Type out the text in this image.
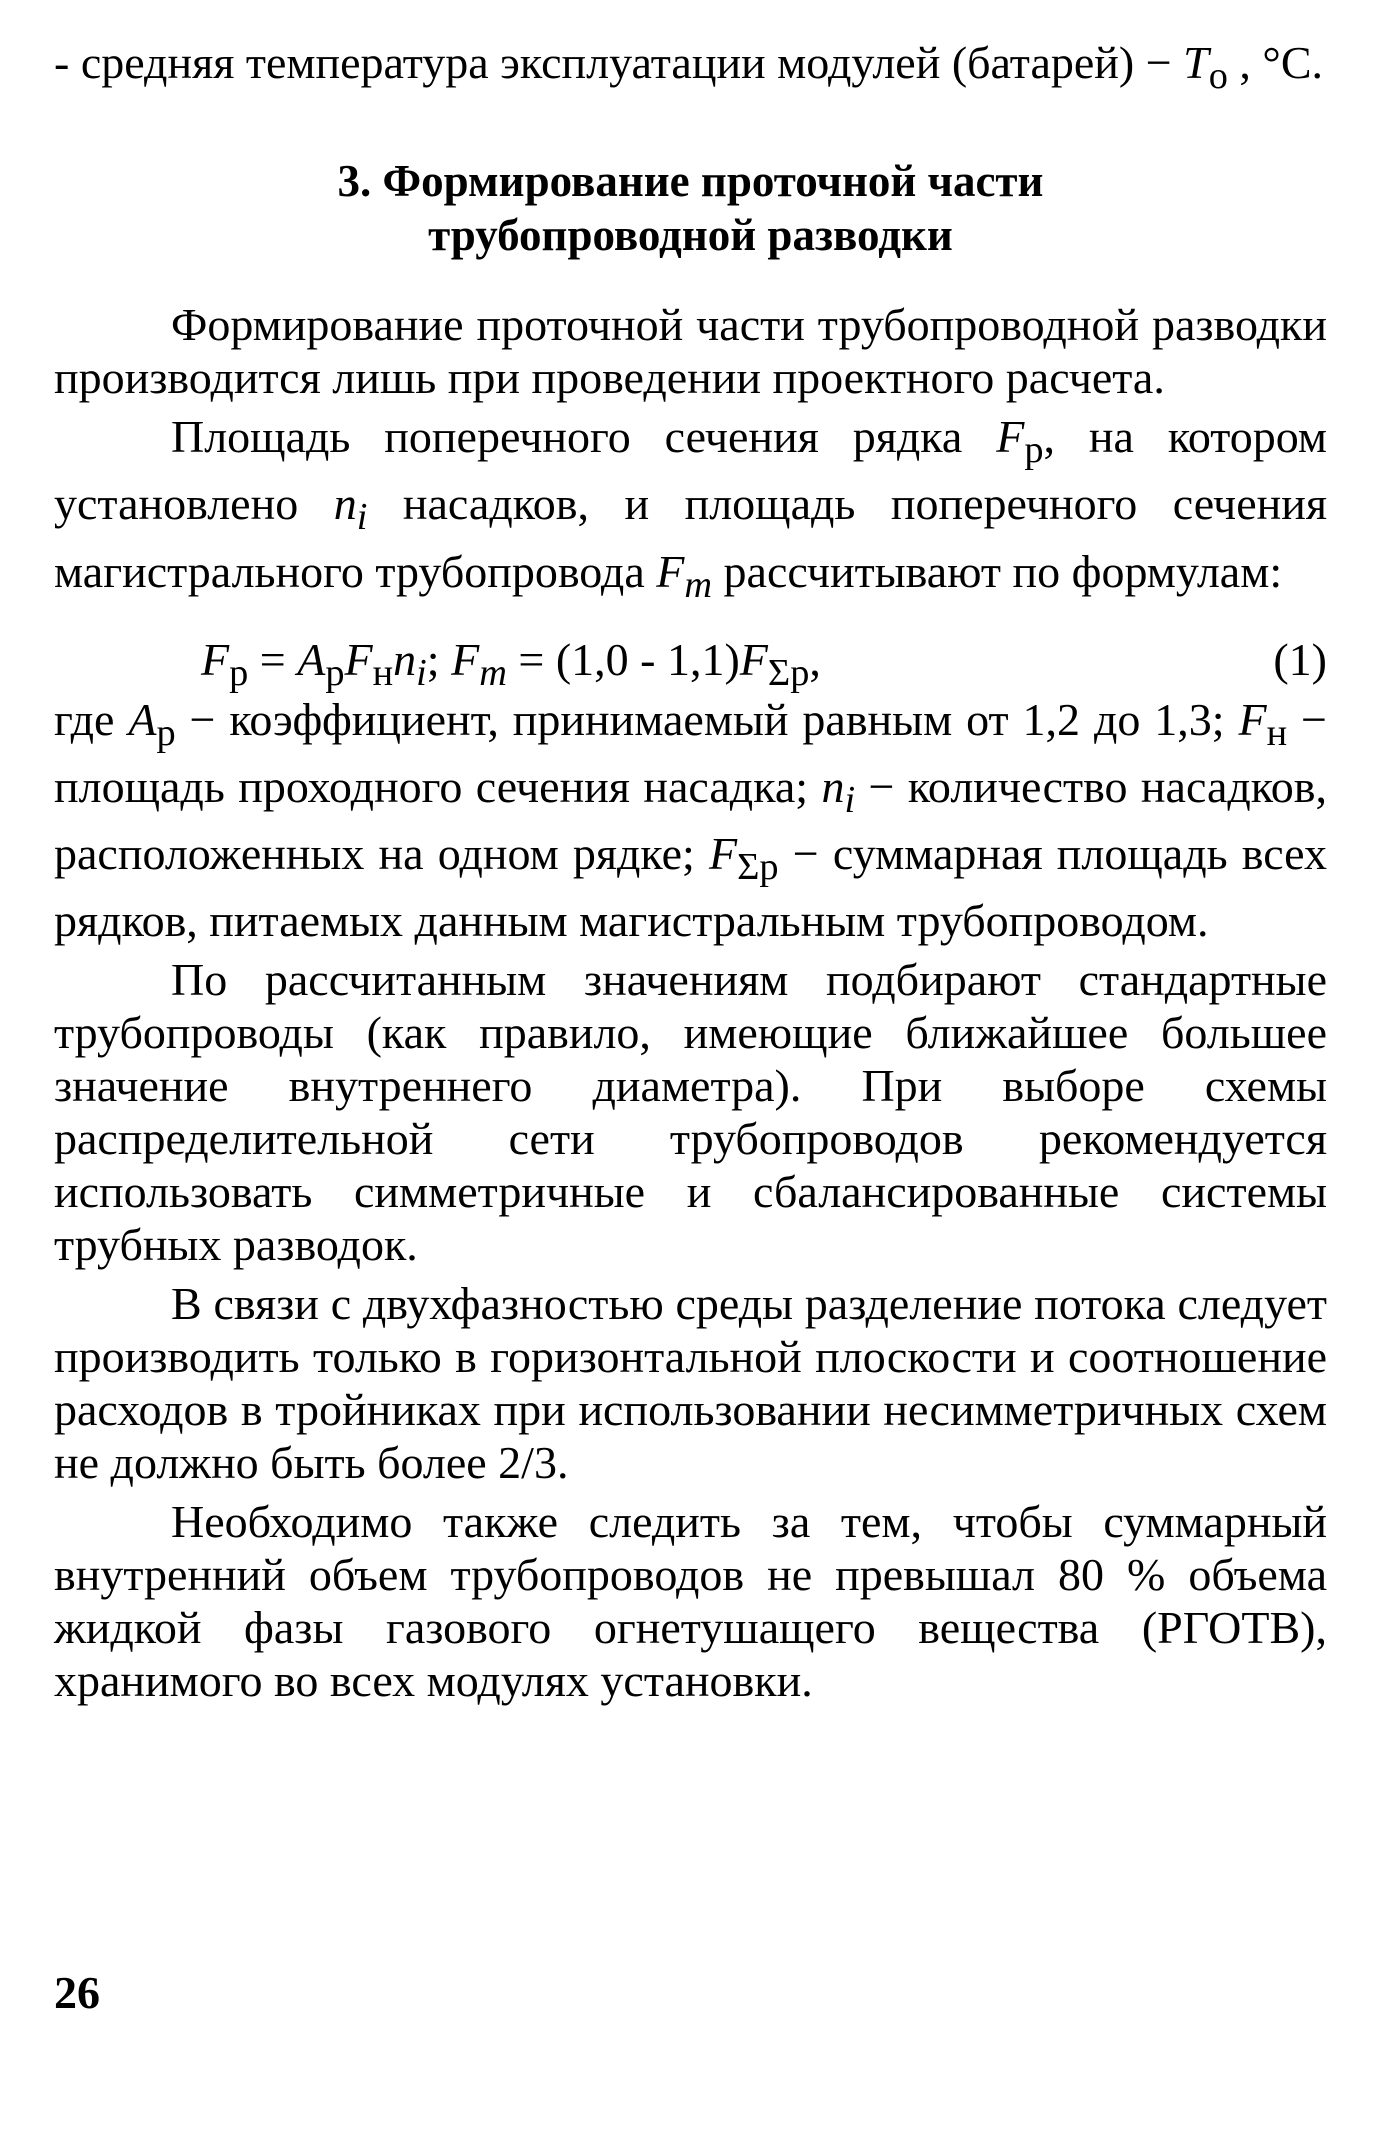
- средняя температура эксплуатации модулей (батарей) − $T_о$ , °С.

3. Формирование проточной части
трубопроводной разводки

Формирование проточной части трубопроводной разводки производится лишь при проведении проектного расчета.

Площадь поперечного сечения рядка $F_р$, на котором установлено $n_i$ насадков, и площадь поперечного сечения магистрального трубопровода $F_m$ рассчитывают по формулам:

$F_р = A_рF_нn_i$; $F_m = (1,0 - 1,1)F_{\Sigma р}$,	(1)

где $A_р$ − коэффициент, принимаемый равным от 1,2 до 1,3; $F_н$ − площадь проходного сечения насадка; $n_i$ − количество насадков, расположенных на одном рядке; $F_{\Sigma р}$ − суммарная площадь всех рядков, питаемых данным магистральным трубопроводом.

По рассчитанным значениям подбирают стандартные трубопроводы (как правило, имеющие ближайшее большее значение внутреннего диаметра). При выборе схемы распределительной сети трубопроводов рекомендуется использовать симметричные и сбалансированные системы трубных разводок.

В связи с двухфазностью среды разделение потока следует производить только в горизонтальной плоскости и соотношение расходов в тройниках при использовании несимметричных схем не должно быть более 2/3.

Необходимо также следить за тем, чтобы суммарный внутренний объем трубопроводов не превышал 80 % объема жидкой фазы газового огнетушащего вещества (РГОТВ), хранимого во всех модулях установки.

26
